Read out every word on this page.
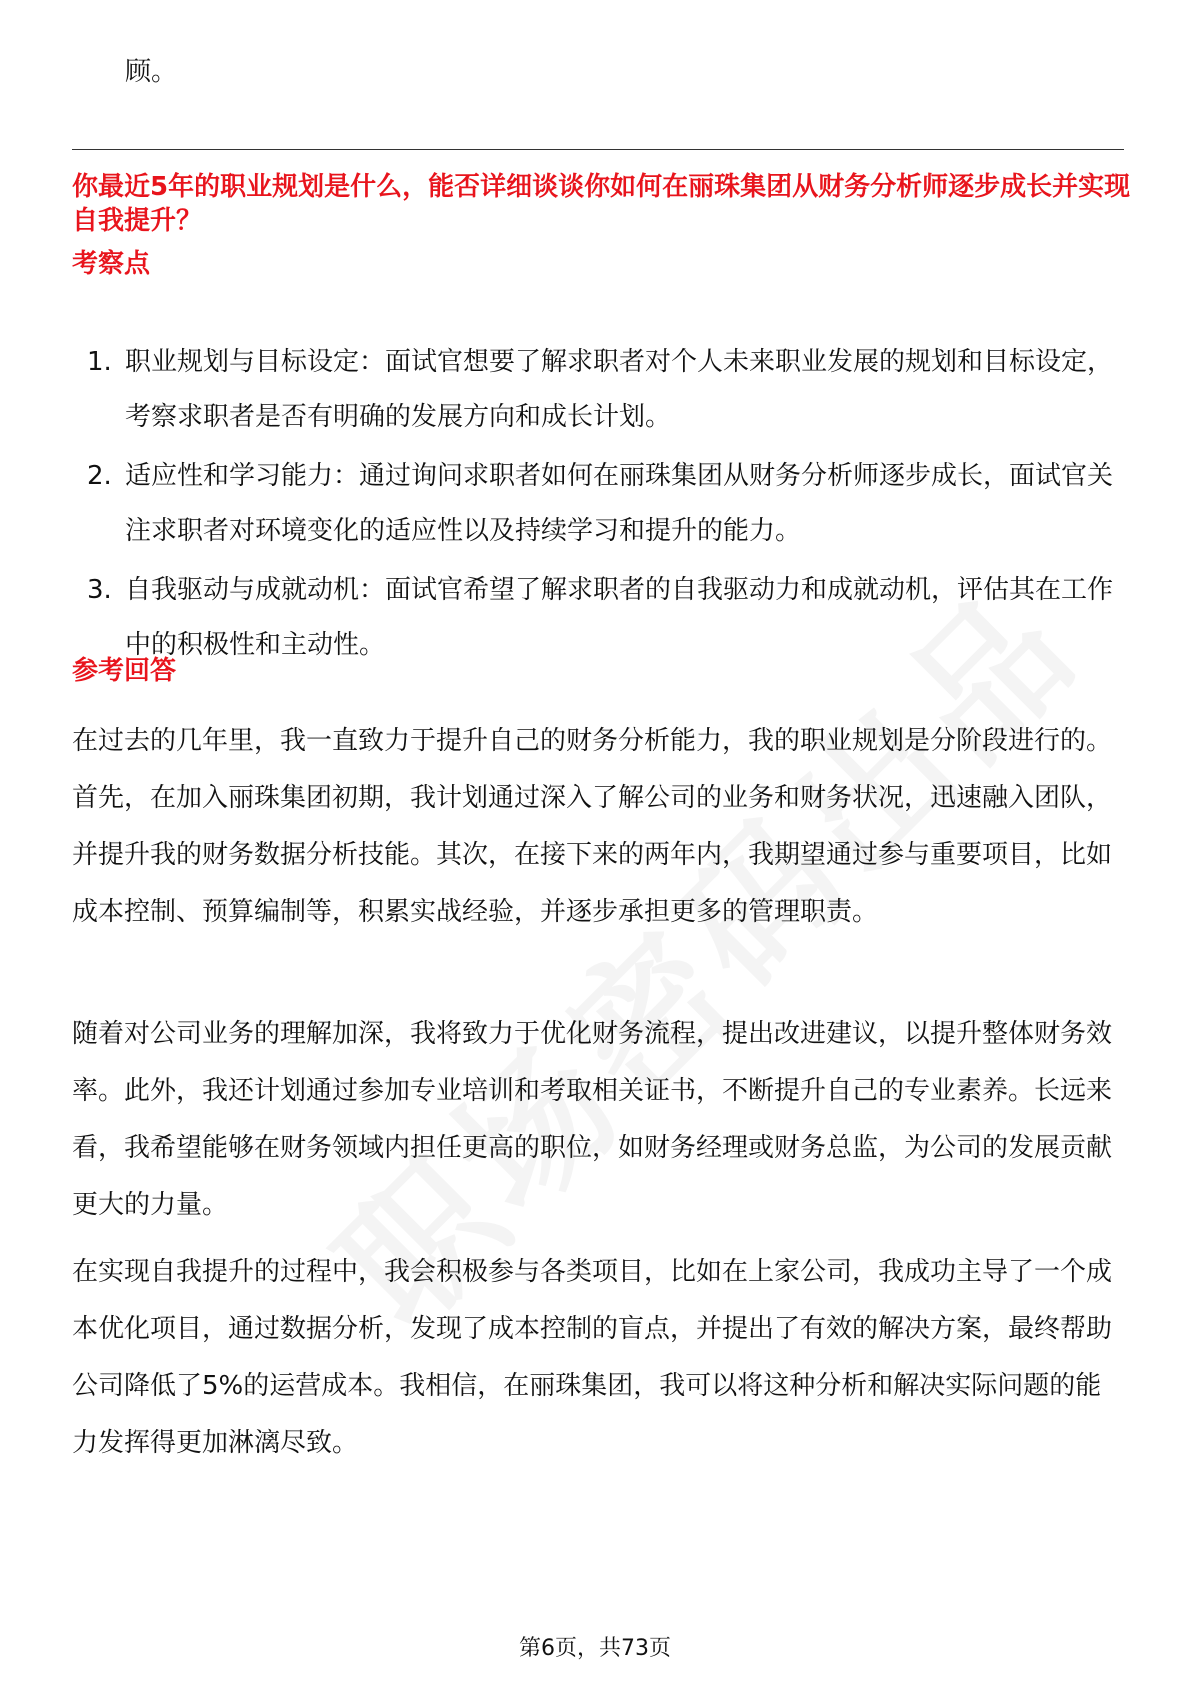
顾。
你最近5年的职业规划是什么，能否详细谈谈你如何在丽珠集团从财务分析师逐步成长并实现自我提升？
考察点
1. 职业规划与目标设定：面试官想要了解求职者对个人未来职业发展的规划和目标设定，考察求职者是否有明确的发展方向和成长计划。
2. 适应性和学习能力：通过询问求职者如何在丽珠集团从财务分析师逐步成长，面试官关注求职者对环境变化的适应性以及持续学习和提升的能力。
3. 自我驱动与成就动机：面试官希望了解求职者的自我驱动力和成就动机，评估其在工作中的积极性和主动性。
参考回答

在过去的几年里，我一直致力于提升自己的财务分析能力，我的职业规划是分阶段进行的。首先，在加入丽珠集团初期，我计划通过深入了解公司的业务和财务状况，迅速融入团队，并提升我的财务数据分析技能。其次，在接下来的两年内，我期望通过参与重要项目，比如成本控制、预算编制等，积累实战经验，并逐步承担更多的管理职责。

随着对公司业务的理解加深，我将致力于优化财务流程，提出改进建议，以提升整体财务效率。此外，我还计划通过参加专业培训和考取相关证书，不断提升自己的专业素养。长远来看，我希望能够在财务领域内担任更高的职位，如财务经理或财务总监，为公司的发展贡献更大的力量。

在实现自我提升的过程中，我会积极参与各类项目，比如在上家公司，我成功主导了一个成本优化项目，通过数据分析，发现了成本控制的盲点，并提出了有效的解决方案，最终帮助公司降低了5%的运营成本。我相信，在丽珠集团，我可以将这种分析和解决实际问题的能力发挥得更加淋漓尽致。

第6页，共73页
